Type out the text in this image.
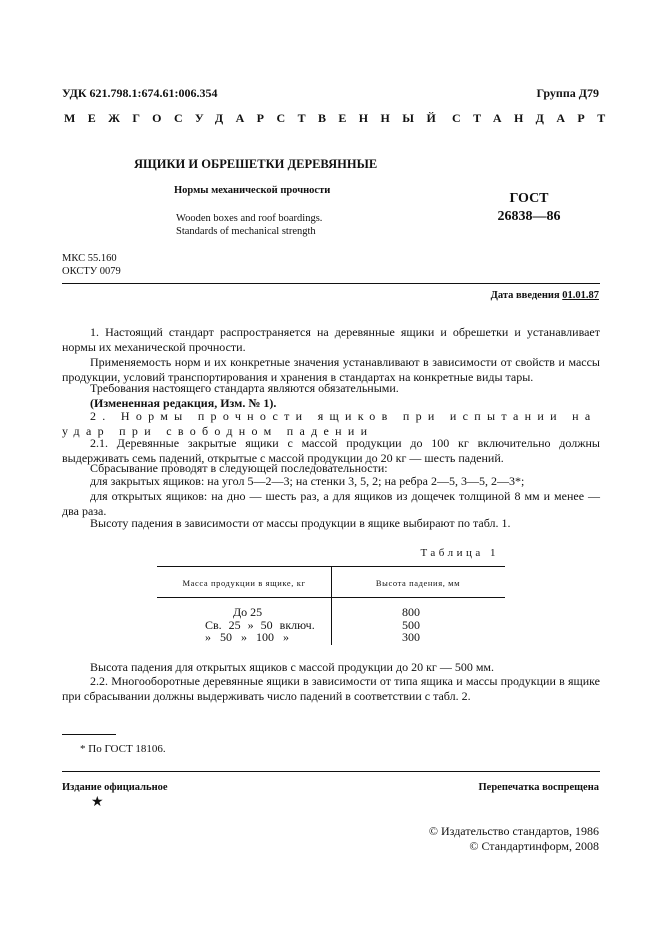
УДК 621.798.1:674.61:006.354	Группа Д79
МЕЖГОСУДАРСТВЕННЫЙ СТАНДАРТ
ЯЩИКИ И ОБРЕШЕТКИ ДЕРЕВЯННЫЕ
Нормы механической прочности
Wooden boxes and roof boardings.
Standards of mechanical strength
ГОСТ
26838—86
МКС 55.160
ОКСТУ 0079
Дата введения 01.01.87
1. Настоящий стандарт распространяется на деревянные ящики и обрешетки и устанавливает нормы их механической прочности.
Применяемость норм и их конкретные значения устанавливают в зависимости от свойств и массы продукции, условий транспортирования и хранения в стандартах на конкретные виды тары.
Требования настоящего стандарта являются обязательными.
(Измененная редакция, Изм. № 1).
2. Нормы прочности ящиков при испытании на удар при свободном падении
2.1. Деревянные закрытые ящики с массой продукции до 100 кг включительно должны выдерживать семь падений, открытые с массой продукции до 20 кг — шесть падений.
Сбрасывание проводят в следующей последовательности:
для закрытых ящиков: на угол 5—2—3; на стенки 3, 5, 2; на ребра 2—5, 3—5, 2—3*;
для открытых ящиков: на дно — шесть раз, а для ящиков из дощечек толщиной 8 мм и менее — два раза.
Высоту падения в зависимости от массы продукции в ящике выбирают по табл. 1.
Таблица 1
Масса продукции в ящике, кг	Высота падения, мм
До 25
Св. 25 » 50 включ.
» 50 » 100 »
800
500
300
Высота падения для открытых ящиков с массой продукции до 20 кг — 500 мм.
2.2. Многооборотные деревянные ящики в зависимости от типа ящика и массы продукции в ящике при сбрасывании должны выдерживать число падений в соответствии с табл. 2.
* По ГОСТ 18106.
Издание официальное
★
Перепечатка воспрещена
© Издательство стандартов, 1986
© Стандартинформ, 2008
